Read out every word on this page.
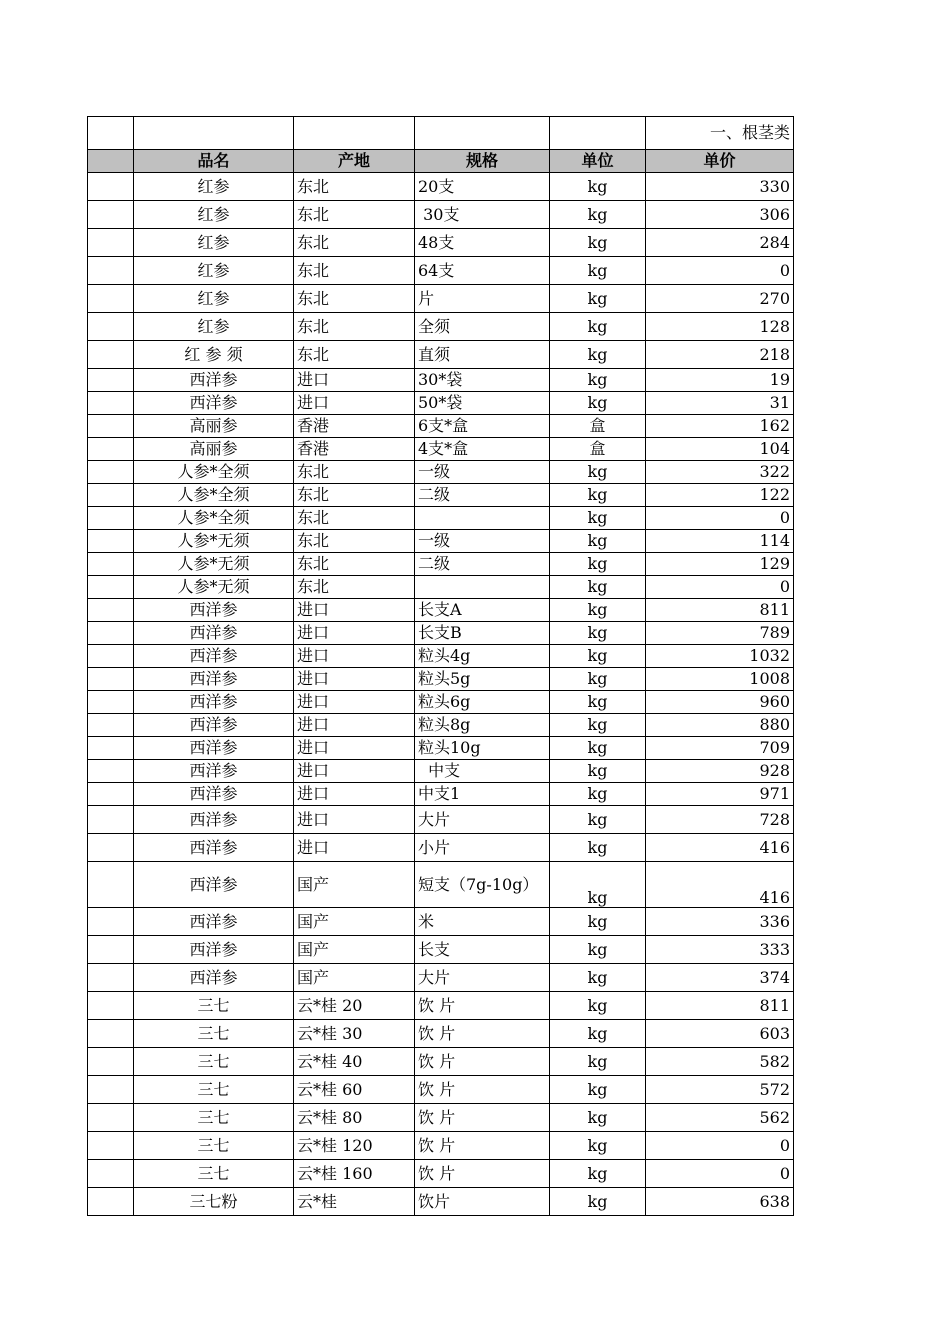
					一、根茎类
	品名	产地	规格	单位	单价
	红参	东北	20支	kg	330
	红参	东北	30支	kg	306
	红参	东北	48支	kg	284
	红参	东北	64支	kg	0
	红参	东北	片	kg	270
	红参	东北	全须	kg	128
	红 参 须	东北	直须	kg	218
	西洋参	进口	30*袋	kg	19
	西洋参	进口	50*袋	kg	31
	高丽参	香港	6支*盒	盒	162
	高丽参	香港	4支*盒	盒	104
	人参*全须	东北	一级	kg	322
	人参*全须	东北	二级	kg	122
	人参*全须	东北		kg	0
	人参*无须	东北	一级	kg	114
	人参*无须	东北	二级	kg	129
	人参*无须	东北		kg	0
	西洋参	进口	长支A	kg	811
	西洋参	进口	长支B	kg	789
	西洋参	进口	粒头4g	kg	1032
	西洋参	进口	粒头5g	kg	1008
	西洋参	进口	粒头6g	kg	960
	西洋参	进口	粒头8g	kg	880
	西洋参	进口	粒头10g	kg	709
	西洋参	进口	中支	kg	928
	西洋参	进口	中支1	kg	971
	西洋参	进口	大片	kg	728
	西洋参	进口	小片	kg	416
	西洋参	国产	短支（7g-10g）	kg	416
	西洋参	国产	米	kg	336
	西洋参	国产	长支	kg	333
	西洋参	国产	大片	kg	374
	三七	云*桂 20	饮 片	kg	811
	三七	云*桂 30	饮 片	kg	603
	三七	云*桂 40	饮 片	kg	582
	三七	云*桂 60	饮 片	kg	572
	三七	云*桂 80	饮 片	kg	562
	三七	云*桂 120	饮 片	kg	0
	三七	云*桂 160	饮 片	kg	0
	三七粉	云*桂	饮片	kg	638
